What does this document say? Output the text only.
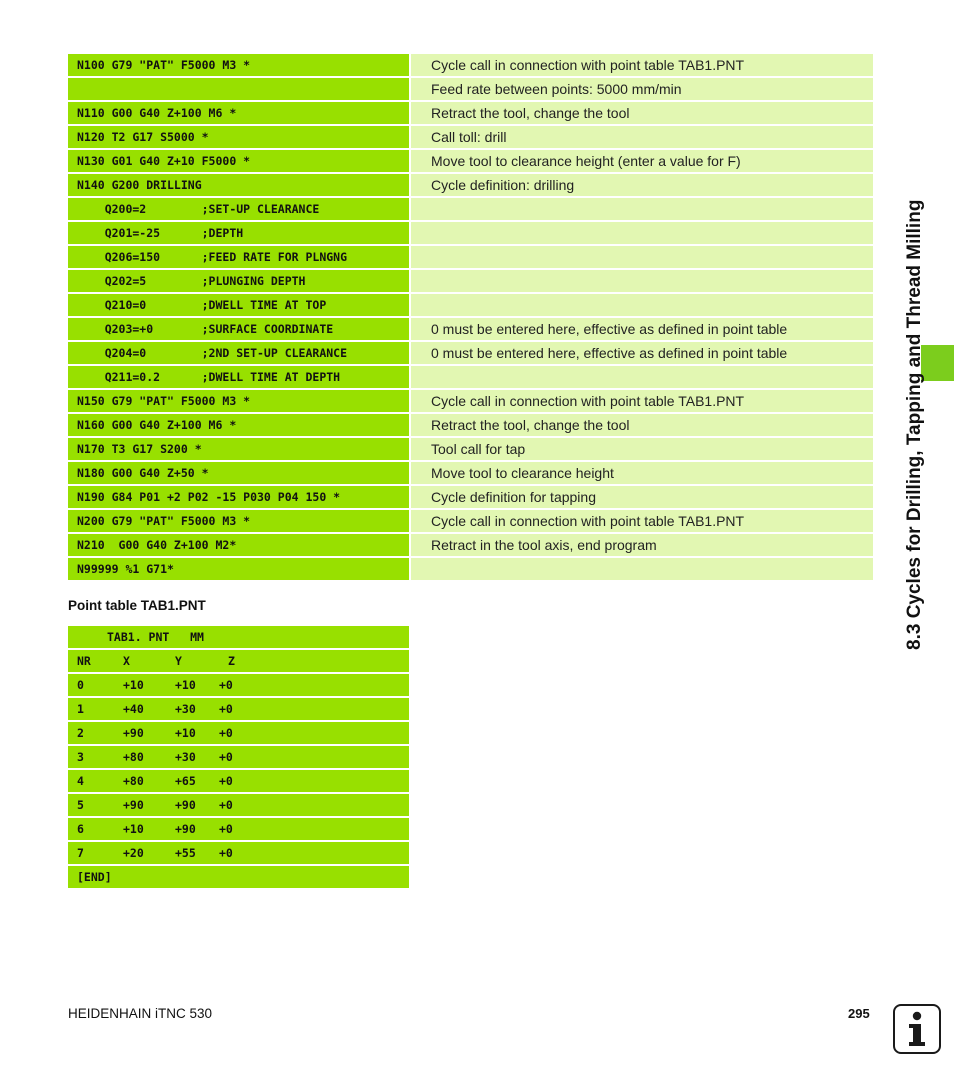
N100 G79 "PAT" F5000 M3 *	Cycle call in connection with point table TAB1.PNT
Feed rate between points: 5000 mm/min
N110 G00 G40 Z+100 M6 *	Retract the tool, change the tool
N120 T2 G17 S5000 *	Call toll: drill
N130 G01 G40 Z+10 F5000 *	Move tool to clearance height (enter a value for F)
N140 G200 DRILLING	Cycle definition: drilling
Q200=2        ;SET-UP CLEARANCE
Q201=-25      ;DEPTH
Q206=150      ;FEED RATE FOR PLNGNG
Q202=5        ;PLUNGING DEPTH
Q210=0        ;DWELL TIME AT TOP
Q203=+0       ;SURFACE COORDINATE	0 must be entered here, effective as defined in point table
Q204=0        ;2ND SET-UP CLEARANCE	0 must be entered here, effective as defined in point table
Q211=0.2      ;DWELL TIME AT DEPTH
N150 G79 "PAT" F5000 M3 *	Cycle call in connection with point table TAB1.PNT
N160 G00 G40 Z+100 M6 *	Retract the tool, change the tool
N170 T3 G17 S200 *	Tool call for tap
N180 G00 G40 Z+50 *	Move tool to clearance height
N190 G84 P01 +2 P02 -15 P030 P04 150 *	Cycle definition for tapping
N200 G79 "PAT" F5000 M3 *	Cycle call in connection with point table TAB1.PNT
N210  G00 G40 Z+100 M2*	Retract in the tool axis, end program
N99999 %1 G71*
Point table TAB1.PNT
TAB1. PNT   MM
NR	X	Y	Z
0	+10	+10 +0
1	+40	+30 +0
2	+90	+10 +0
3	+80	+30 +0
4	+80	+65 +0
5	+90	+90 +0
6	+10	+90 +0
7	+20	+55 +0
[END]
8.3 Cycles for Drilling, Tapping and Thread Milling
HEIDENHAIN iTNC 530	295
